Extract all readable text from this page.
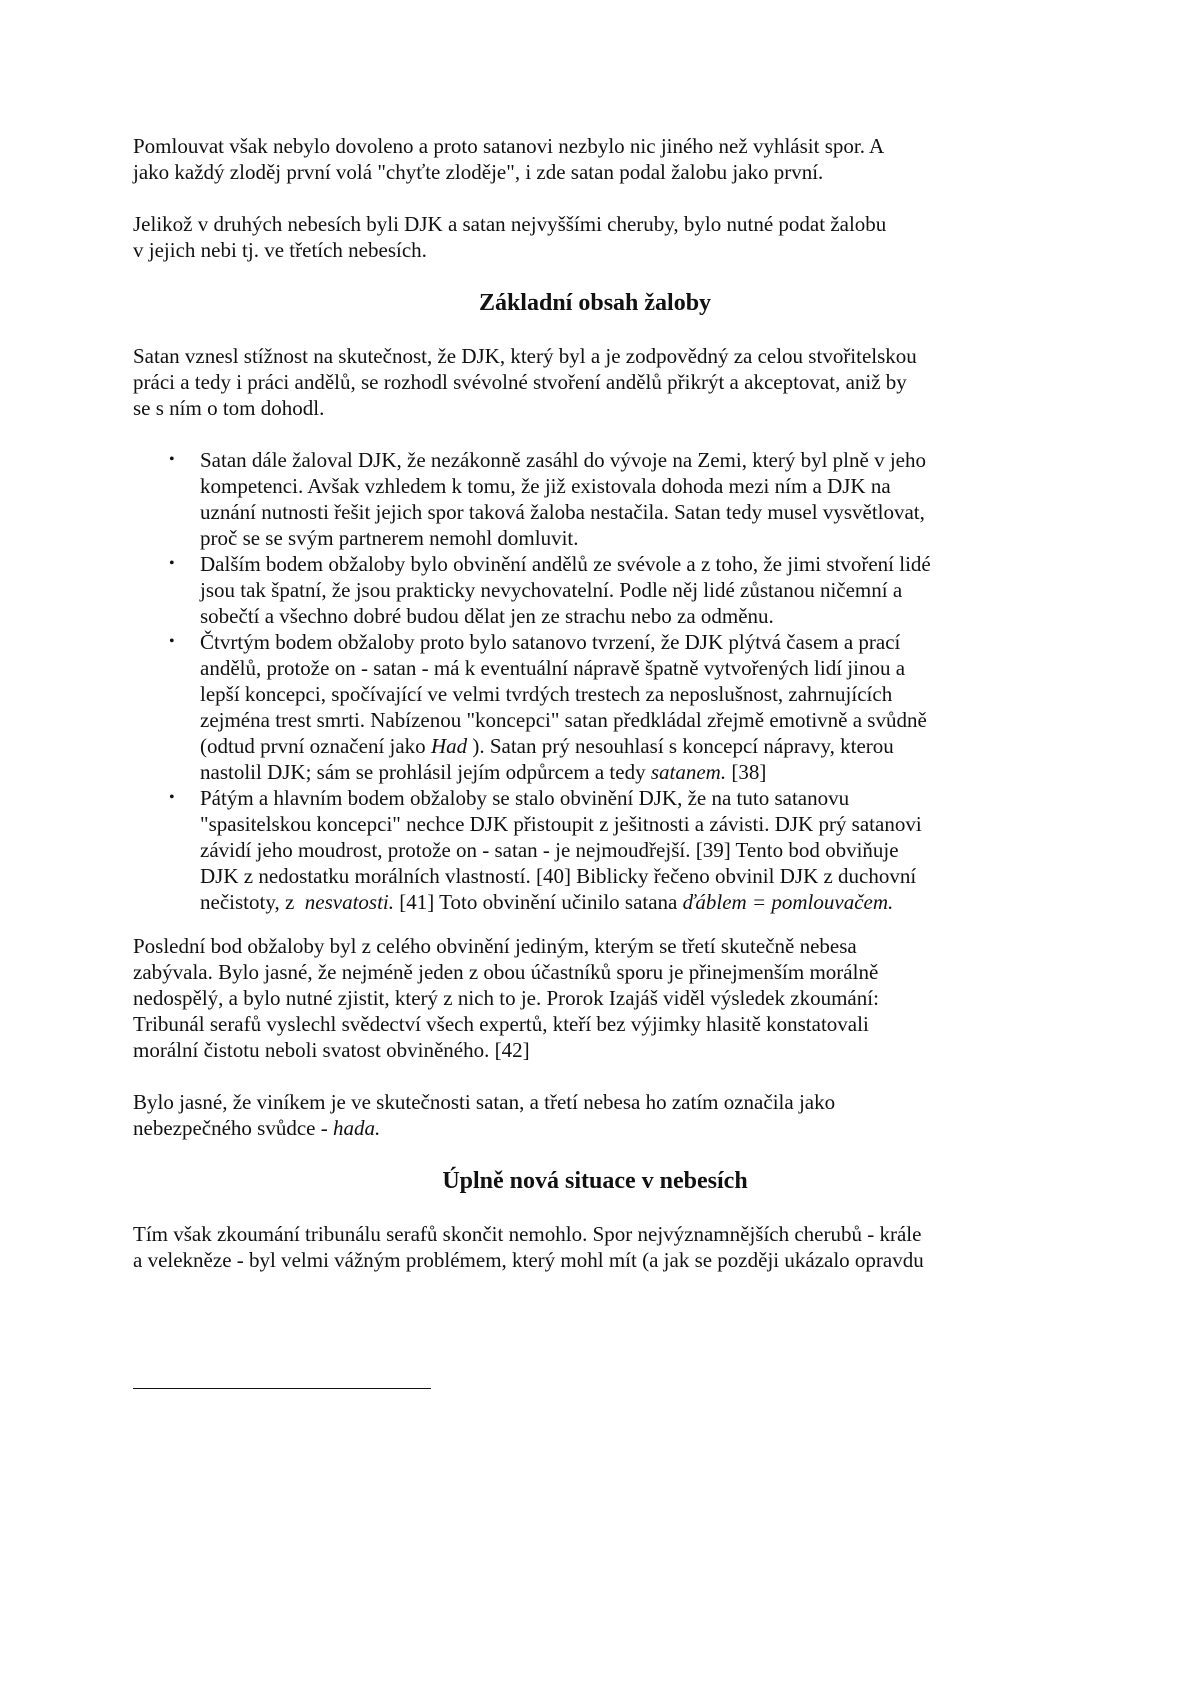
Pomlouvat však nebylo dovoleno a proto satanovi nezbylo nic jiného než vyhlásit spor. A
jako každý zloděj první volá "chyťte zloděje", i zde satan podal žalobu jako první.
Jelikož v druhých nebesích byli DJK a satan nejvyššími cheruby, bylo nutné podat žalobu
v jejich nebi tj. ve třetích nebesích.
Základní obsah žaloby
Satan vznesl stížnost na skutečnost, že DJK, který byl a je zodpovědný za celou stvořitelskou
práci a tedy i práci andělů, se rozhodl svévolné stvoření andělů přikrýt a akceptovat, aniž by
se s ním o tom dohodl.
• Satan dále žaloval DJK, že nezákonně zasáhl do vývoje na Zemi, který byl plně v jeho
kompetenci. Avšak vzhledem k tomu, že již existovala dohoda mezi ním a DJK na
uznání nutnosti řešit jejich spor taková žaloba nestačila. Satan tedy musel vysvětlovat,
proč se se svým partnerem nemohl domluvit.
• Dalším bodem obžaloby bylo obvinění andělů ze svévole a z toho, že jimi stvoření lidé
jsou tak špatní, že jsou prakticky nevychovatelní. Podle něj lidé zůstanou ničemní a
sobečtí a všechno dobré budou dělat jen ze strachu nebo za odměnu.
• Čtvrtým bodem obžaloby proto bylo satanovo tvrzení, že DJK plýtvá časem a prací
andělů, protože on - satan - má k eventuální nápravě špatně vytvořených lidí jinou a
lepší koncepci, spočívající ve velmi tvrdých trestech za neposlušnost, zahrnujících
zejména trest smrti. Nabízenou "koncepci" satan předkládal zřejmě emotivně a svůdně
(odtud první označení jako Had ). Satan prý nesouhlasí s koncepcí nápravy, kterou
nastolil DJK; sám se prohlásil jejím odpůrcem a tedy satanem. [38]
• Pátým a hlavním bodem obžaloby se stalo obvinění DJK, že na tuto satanovu
"spasitelskou koncepci" nechce DJK přistoupit z ješitnosti a závisti. DJK prý satanovi
závidí jeho moudrost, protože on - satan - je nejmoudřejší. [39] Tento bod obviňuje
DJK z nedostatku morálních vlastností. [40] Biblicky řečeno obvinil DJK z duchovní
nečistoty, z  nesvatosti. [41] Toto obvinění učinilo satana ďáblem = pomlouvačem.
Poslední bod obžaloby byl z celého obvinění jediným, kterým se třetí skutečně nebesa
zabývala. Bylo jasné, že nejméně jeden z obou účastníků sporu je přinejmenším morálně
nedospělý, a bylo nutné zjistit, který z nich to je. Prorok Izajáš viděl výsledek zkoumání:
Tribunál serafů vyslechl svědectví všech expertů, kteří bez výjimky hlasitě konstatovali
morální čistotu neboli svatost obviněného. [42]
Bylo jasné, že viníkem je ve skutečnosti satan, a třetí nebesa ho zatím označila jako
nebezpečného svůdce - hada.
Úplně nová situace v nebesích
Tím však zkoumání tribunálu serafů skončit nemohlo. Spor nejvýznamnějších cherubů - krále
a velekněze - byl velmi vážným problémem, který mohl mít (a jak se později ukázalo opravdu
